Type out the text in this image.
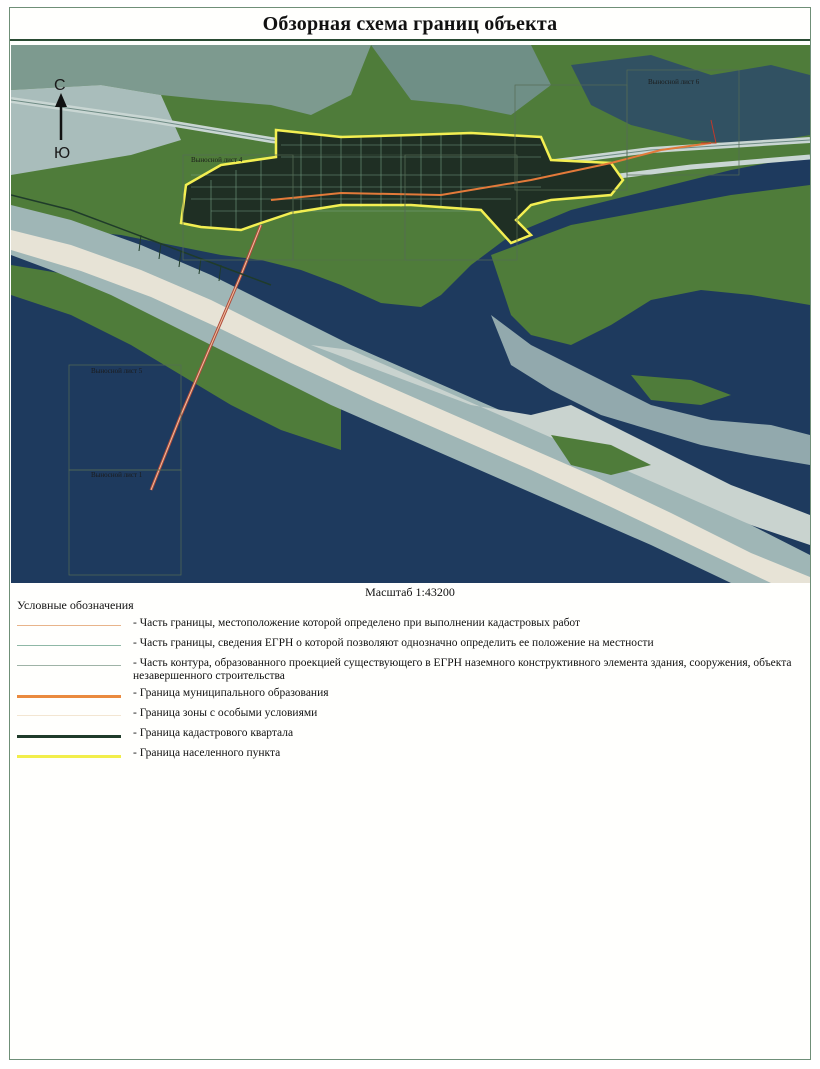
Обзорная схема границ объекта
Выносной лист 4
Выносной лист 6
Выносной лист 5
Выносной лист 1
С
Ю
Масштаб 1:43200
Условные обозначения
- Часть границы, местоположение которой определено при выполнении кадастровых работ
- Часть границы, сведения ЕГРН о которой позволяют однозначно определить ее положение на местности
- Часть контура, образованного проекцией существующего в ЕГРН наземного конструктивного элемента здания, сооружения, объекта незавершенного строительства
- Граница муниципального образования
- Граница зоны с особыми условиями
- Граница кадастрового квартала
- Граница населенного пункта
